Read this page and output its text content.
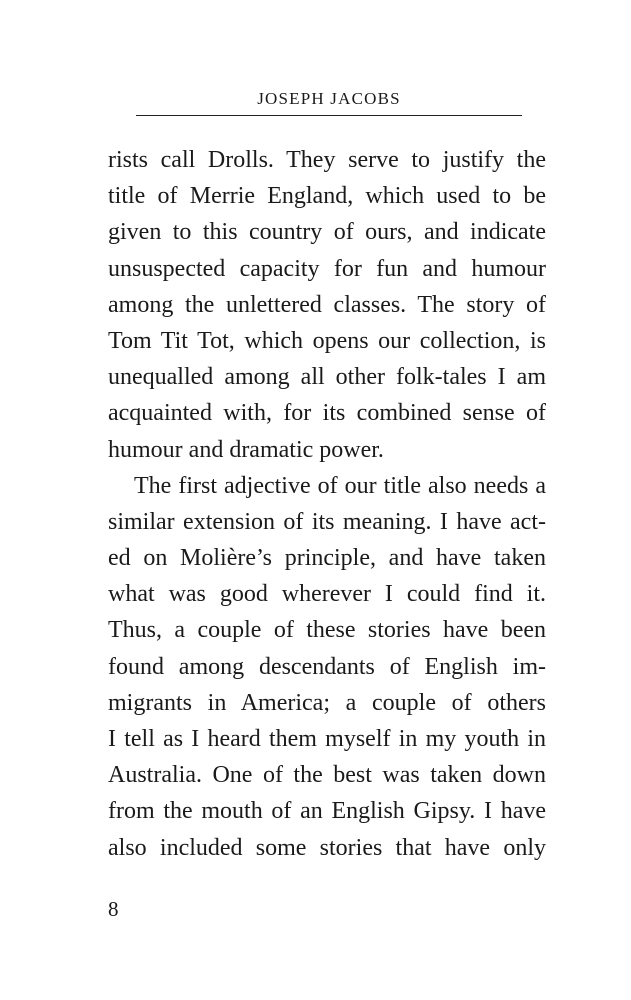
JOSEPH JACOBS
rists call Drolls. They serve to justify the
title of Merrie England, which used to be
given to this country of ours, and indicate
unsuspected capacity for fun and humour
among the unlettered classes. The story of
Tom Tit Tot, which opens our collection, is
unequalled among all other folk-tales I am
acquainted with, for its combined sense of
humour and dramatic power.
The first adjective of our title also needs a
similar extension of its meaning. I have act-
ed on Molière’s principle, and have taken
what was good wherever I could find it.
Thus, a couple of these stories have been
found among descendants of English im-
migrants in America; a couple of others
I tell as I heard them myself in my youth in
Australia. One of the best was taken down
from the mouth of an English Gipsy. I have
also included some stories that have only
8
